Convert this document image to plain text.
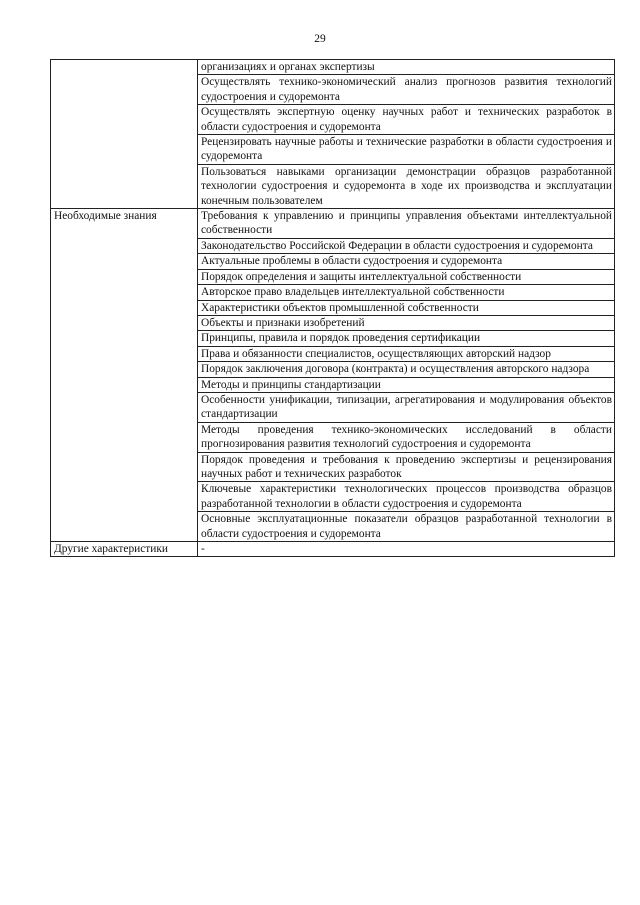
29
	организациях и органах экспертизы
	Осуществлять технико-экономический анализ прогнозов развития технологий судостроения и судоремонта
	Осуществлять экспертную оценку научных работ и технических разработок в области судостроения и судоремонта
	Рецензировать научные работы и технические разработки в области судостроения и судоремонта
	Пользоваться навыками организации демонстрации образцов разработанной технологии судостроения и судоремонта в ходе их производства и эксплуатации конечным пользователем
Необходимые знания	Требования к управлению и принципы управления объектами интеллектуальной собственности
	Законодательство Российской Федерации в области судостроения и судоремонта
	Актуальные проблемы в области судостроения и судоремонта
	Порядок определения и защиты интеллектуальной собственности
	Авторское право владельцев интеллектуальной собственности
	Характеристики объектов промышленной собственности
	Объекты и признаки изобретений
	Принципы, правила и порядок проведения сертификации
	Права и обязанности специалистов, осуществляющих авторский надзор
	Порядок заключения договора (контракта) и осуществления авторского надзора
	Методы и принципы стандартизации
	Особенности унификации, типизации, агрегатирования и модулирования объектов стандартизации
	Методы проведения технико-экономических исследований в области прогнозирования развития технологий судостроения и судоремонта
	Порядок проведения и требования к проведению экспертизы и рецензирования научных работ и технических разработок
	Ключевые характеристики технологических процессов производства образцов разработанной технологии в области судостроения и судоремонта
	Основные эксплуатационные показатели образцов разработанной технологии в области судостроения и судоремонта
Другие характеристики	-
